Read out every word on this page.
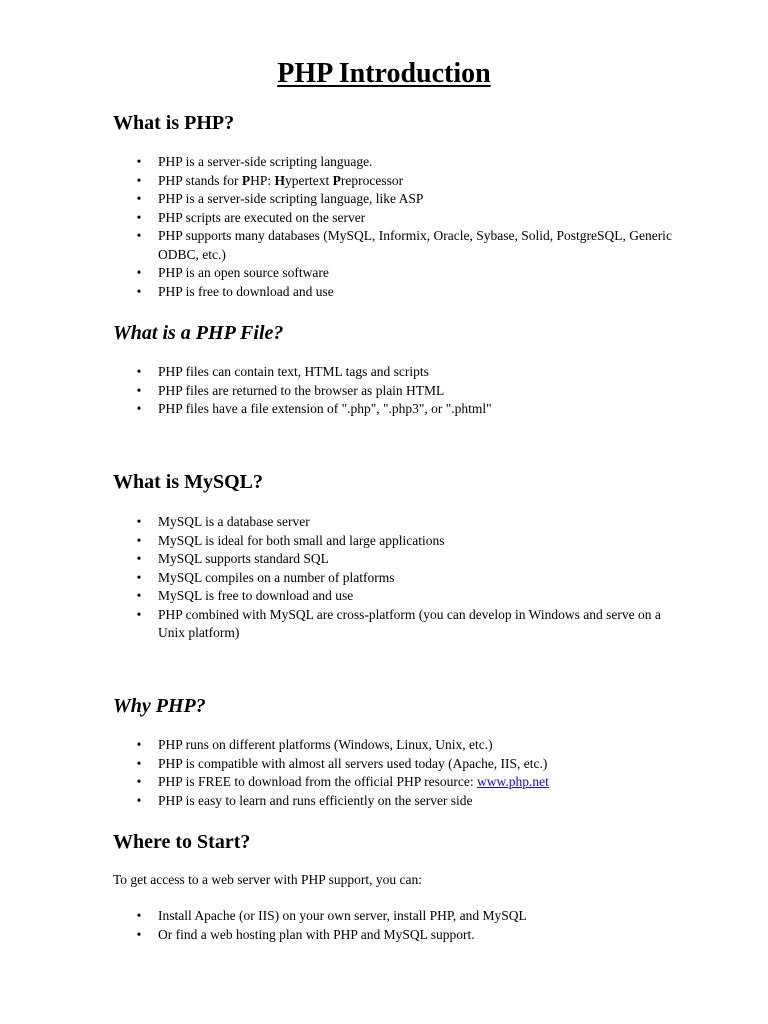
PHP Introduction
What is PHP?
• PHP is a server-side scripting language.
• PHP stands for PHP: Hypertext Preprocessor
• PHP is a server-side scripting language, like ASP
• PHP scripts are executed on the server
• PHP supports many databases (MySQL, Informix, Oracle, Sybase, Solid, PostgreSQL, Generic ODBC, etc.)
• PHP is an open source software
• PHP is free to download and use
What is a PHP File?
• PHP files can contain text, HTML tags and scripts
• PHP files are returned to the browser as plain HTML
• PHP files have a file extension of ".php", ".php3", or ".phtml"
What is MySQL?
• MySQL is a database server
• MySQL is ideal for both small and large applications
• MySQL supports standard SQL
• MySQL compiles on a number of platforms
• MySQL is free to download and use
• PHP combined with MySQL are cross-platform (you can develop in Windows and serve on a Unix platform)
Why PHP?
• PHP runs on different platforms (Windows, Linux, Unix, etc.)
• PHP is compatible with almost all servers used today (Apache, IIS, etc.)
• PHP is FREE to download from the official PHP resource: www.php.net
• PHP is easy to learn and runs efficiently on the server side
Where to Start?

To get access to a web server with PHP support, you can:

• Install Apache (or IIS) on your own server, install PHP, and MySQL
• Or find a web hosting plan with PHP and MySQL support.
